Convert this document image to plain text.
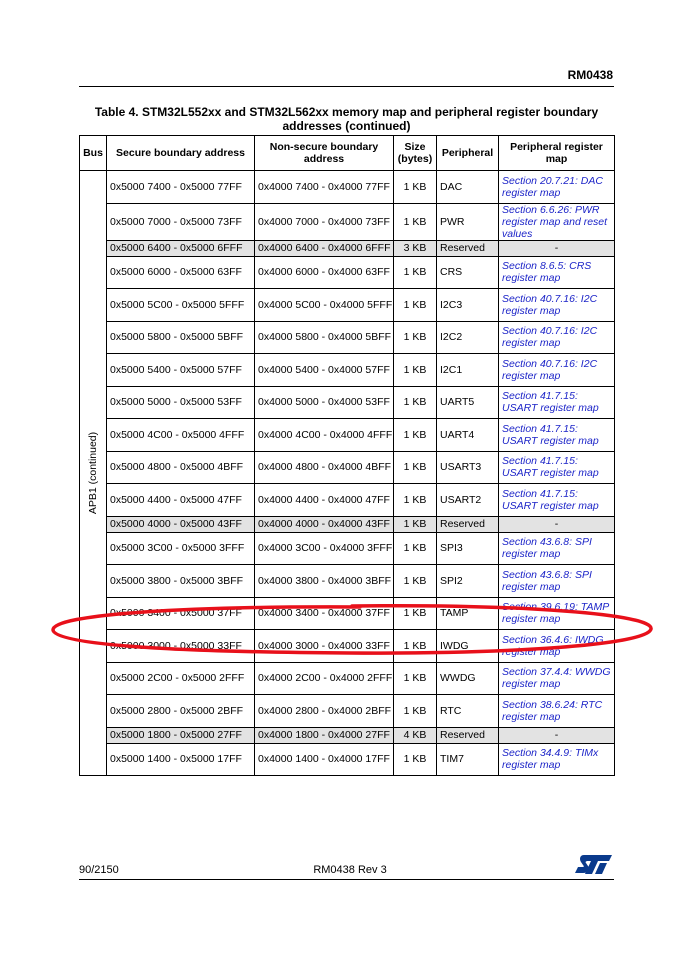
RM0438
Table 4. STM32L552xx and STM32L562xx memory map and peripheral register boundary addresses (continued)
Bus	Secure boundary address	Non-secure boundary address	Size (bytes)	Peripheral	Peripheral register map

APB1 (continued)	0x5000 7400 - 0x5000 77FF	0x4000 7400 - 0x4000 77FF	1 KB	DAC	Section 20.7.21: DAC register map
	0x5000 7000 - 0x5000 73FF	0x4000 7000 - 0x4000 73FF	1 KB	PWR	Section 6.6.26: PWR register map and reset values
	0x5000 6400 - 0x5000 6FFF	0x4000 6400 - 0x4000 6FFF	3 KB	Reserved	-
	0x5000 6000 - 0x5000 63FF	0x4000 6000 - 0x4000 63FF	1 KB	CRS	Section 8.6.5: CRS register map
	0x5000 5C00 - 0x5000 5FFF	0x4000 5C00 - 0x4000 5FFF	1 KB	I2C3	Section 40.7.16: I2C register map
	0x5000 5800 - 0x5000 5BFF	0x4000 5800 - 0x4000 5BFF	1 KB	I2C2	Section 40.7.16: I2C register map
	0x5000 5400 - 0x5000 57FF	0x4000 5400 - 0x4000 57FF	1 KB	I2C1	Section 40.7.16: I2C register map
	0x5000 5000 - 0x5000 53FF	0x4000 5000 - 0x4000 53FF	1 KB	UART5	Section 41.7.15: USART register map
	0x5000 4C00 - 0x5000 4FFF	0x4000 4C00 - 0x4000 4FFF	1 KB	UART4	Section 41.7.15: USART register map
	0x5000 4800 - 0x5000 4BFF	0x4000 4800 - 0x4000 4BFF	1 KB	USART3	Section 41.7.15: USART register map
	0x5000 4400 - 0x5000 47FF	0x4000 4400 - 0x4000 47FF	1 KB	USART2	Section 41.7.15: USART register map
	0x5000 4000 - 0x5000 43FF	0x4000 4000 - 0x4000 43FF	1 KB	Reserved	-
	0x5000 3C00 - 0x5000 3FFF	0x4000 3C00 - 0x4000 3FFF	1 KB	SPI3	Section 43.6.8: SPI register map
	0x5000 3800 - 0x5000 3BFF	0x4000 3800 - 0x4000 3BFF	1 KB	SPI2	Section 43.6.8: SPI register map
	0x5000 3400 - 0x5000 37FF	0x4000 3400 - 0x4000 37FF	1 KB	TAMP	Section 39.6.19: TAMP register map
	0x5000 3000 - 0x5000 33FF	0x4000 3000 - 0x4000 33FF	1 KB	IWDG	Section 36.4.6: IWDG register map
	0x5000 2C00 - 0x5000 2FFF	0x4000 2C00 - 0x4000 2FFF	1 KB	WWDG	Section 37.4.4: WWDG register map
	0x5000 2800 - 0x5000 2BFF	0x4000 2800 - 0x4000 2BFF	1 KB	RTC	Section 38.6.24: RTC register map
	0x5000 1800 - 0x5000 27FF	0x4000 1800 - 0x4000 27FF	4 KB	Reserved	-
	0x5000 1400 - 0x5000 17FF	0x4000 1400 - 0x4000 17FF	1 KB	TIM7	Section 34.4.9: TIMx register map
90/2150	RM0438 Rev 3
